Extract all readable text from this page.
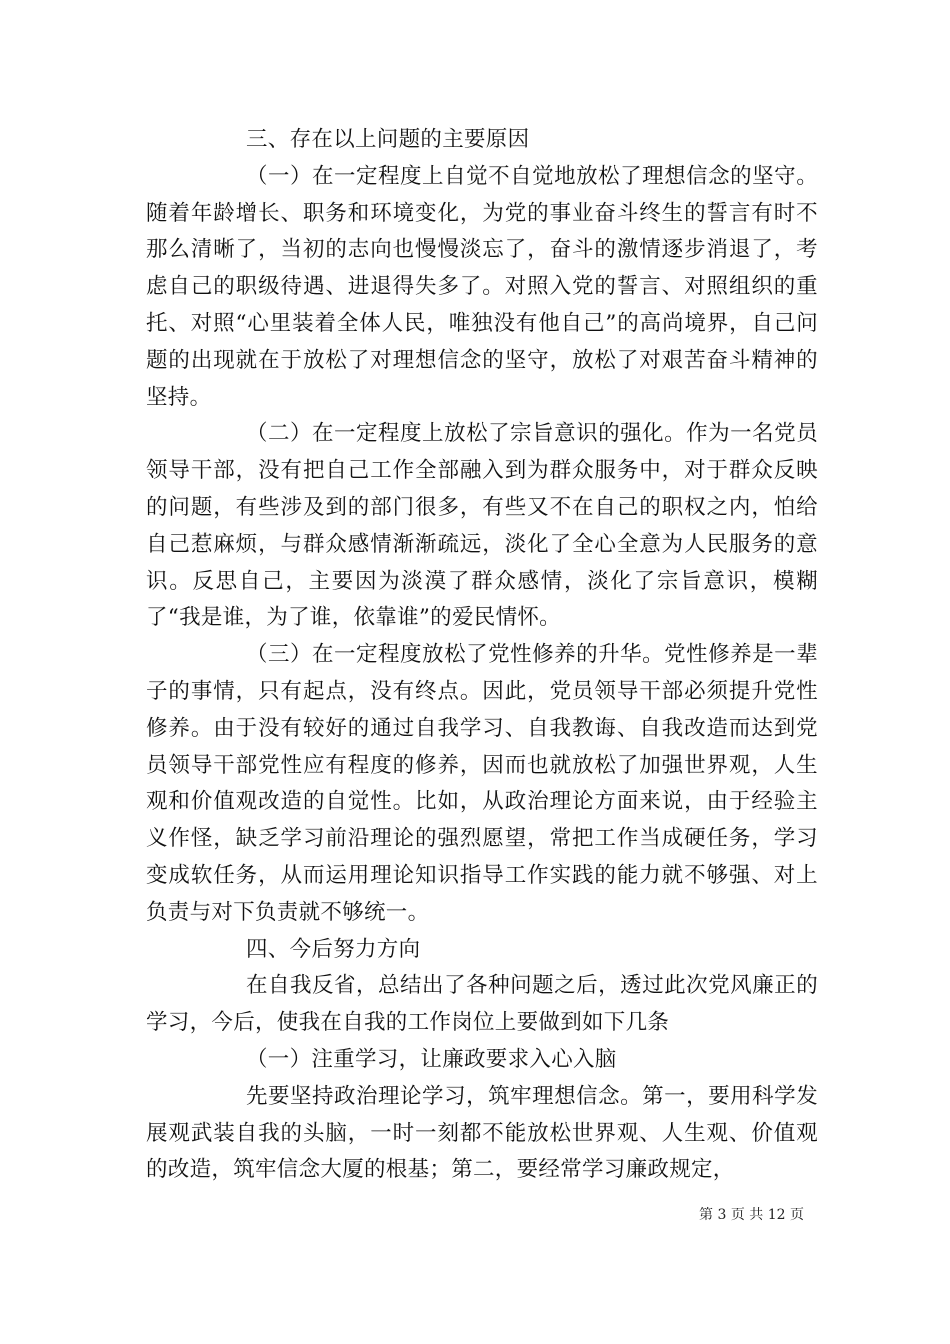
三、存在以上问题的主要原因

（一）在一定程度上自觉不自觉地放松了理想信念的坚守。随着年龄增长、职务和环境变化，为党的事业奋斗终生的誓言有时不那么清晰了，当初的志向也慢慢淡忘了，奋斗的激情逐步消退了，考虑自己的职级待遇、进退得失多了。对照入党的誓言、对照组织的重托、对照“心里装着全体人民，唯独没有他自己”的高尚境界，自己问题的出现就在于放松了对理想信念的坚守，放松了对艰苦奋斗精神的坚持。

（二）在一定程度上放松了宗旨意识的强化。作为一名党员领导干部，没有把自己工作全部融入到为群众服务中，对于群众反映的问题，有些涉及到的部门很多，有些又不在自己的职权之内，怕给自己惹麻烦，与群众感情渐渐疏远，淡化了全心全意为人民服务的意识。反思自己，主要因为淡漠了群众感情，淡化了宗旨意识，模糊了“我是谁，为了谁，依靠谁”的爱民情怀。

（三）在一定程度放松了党性修养的升华。党性修养是一辈子的事情，只有起点，没有终点。因此，党员领导干部必须提升党性修养。由于没有较好的通过自我学习、自我教诲、自我改造而达到党员领导干部党性应有程度的修养，因而也就放松了加强世界观，人生观和价值观改造的自觉性。比如，从政治理论方面来说，由于经验主义作怪，缺乏学习前沿理论的强烈愿望，常把工作当成硬任务，学习变成软任务，从而运用理论知识指导工作实践的能力就不够强、对上负责与对下负责就不够统一。

四、今后努力方向

在自我反省，总结出了各种问题之后，透过此次党风廉正的学习，今后，使我在自我的工作岗位上要做到如下几条

（一）注重学习，让廉政要求入心入脑

先要坚持政治理论学习，筑牢理想信念。第一，要用科学发展观武装自我的头脑，一时一刻都不能放松世界观、人生观、价值观的改造，筑牢信念大厦的根基；第二，要经常学习廉政规定，

第 3 页 共 12 页
